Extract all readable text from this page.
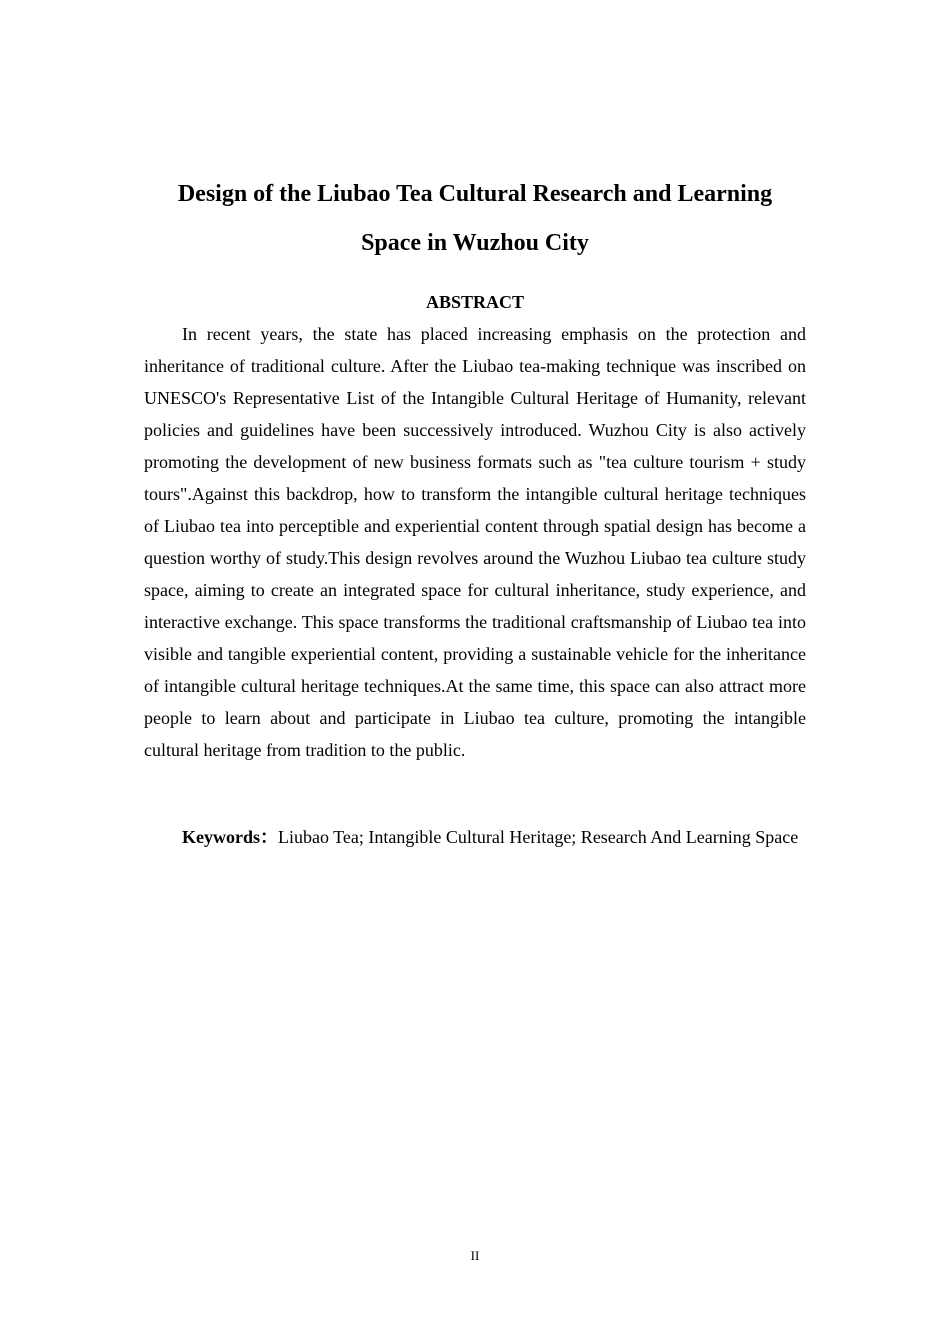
Design of the Liubao Tea Cultural Research and Learning
Space in Wuzhou City
ABSTRACT

In recent years, the state has placed increasing emphasis on the protection and inheritance of traditional culture. After the Liubao tea-making technique was inscribed on UNESCO's Representative List of the Intangible Cultural Heritage of Humanity, relevant policies and guidelines have been successively introduced. Wuzhou City is also actively promoting the development of new business formats such as "tea culture tourism + study tours".Against this backdrop, how to transform the intangible cultural heritage techniques of Liubao tea into perceptible and experiential content through spatial design has become a question worthy of study.This design revolves around the Wuzhou Liubao tea culture study space, aiming to create an integrated space for cultural inheritance, study experience, and interactive exchange. This space transforms the traditional craftsmanship of Liubao tea into visible and tangible experiential content, providing a sustainable vehicle for the inheritance of intangible cultural heritage techniques.At the same time, this space can also attract more people to learn about and participate in Liubao tea culture, promoting the intangible cultural heritage from tradition to the public.

Keywords：Liubao Tea; Intangible Cultural Heritage; Research And Learning Space

II
